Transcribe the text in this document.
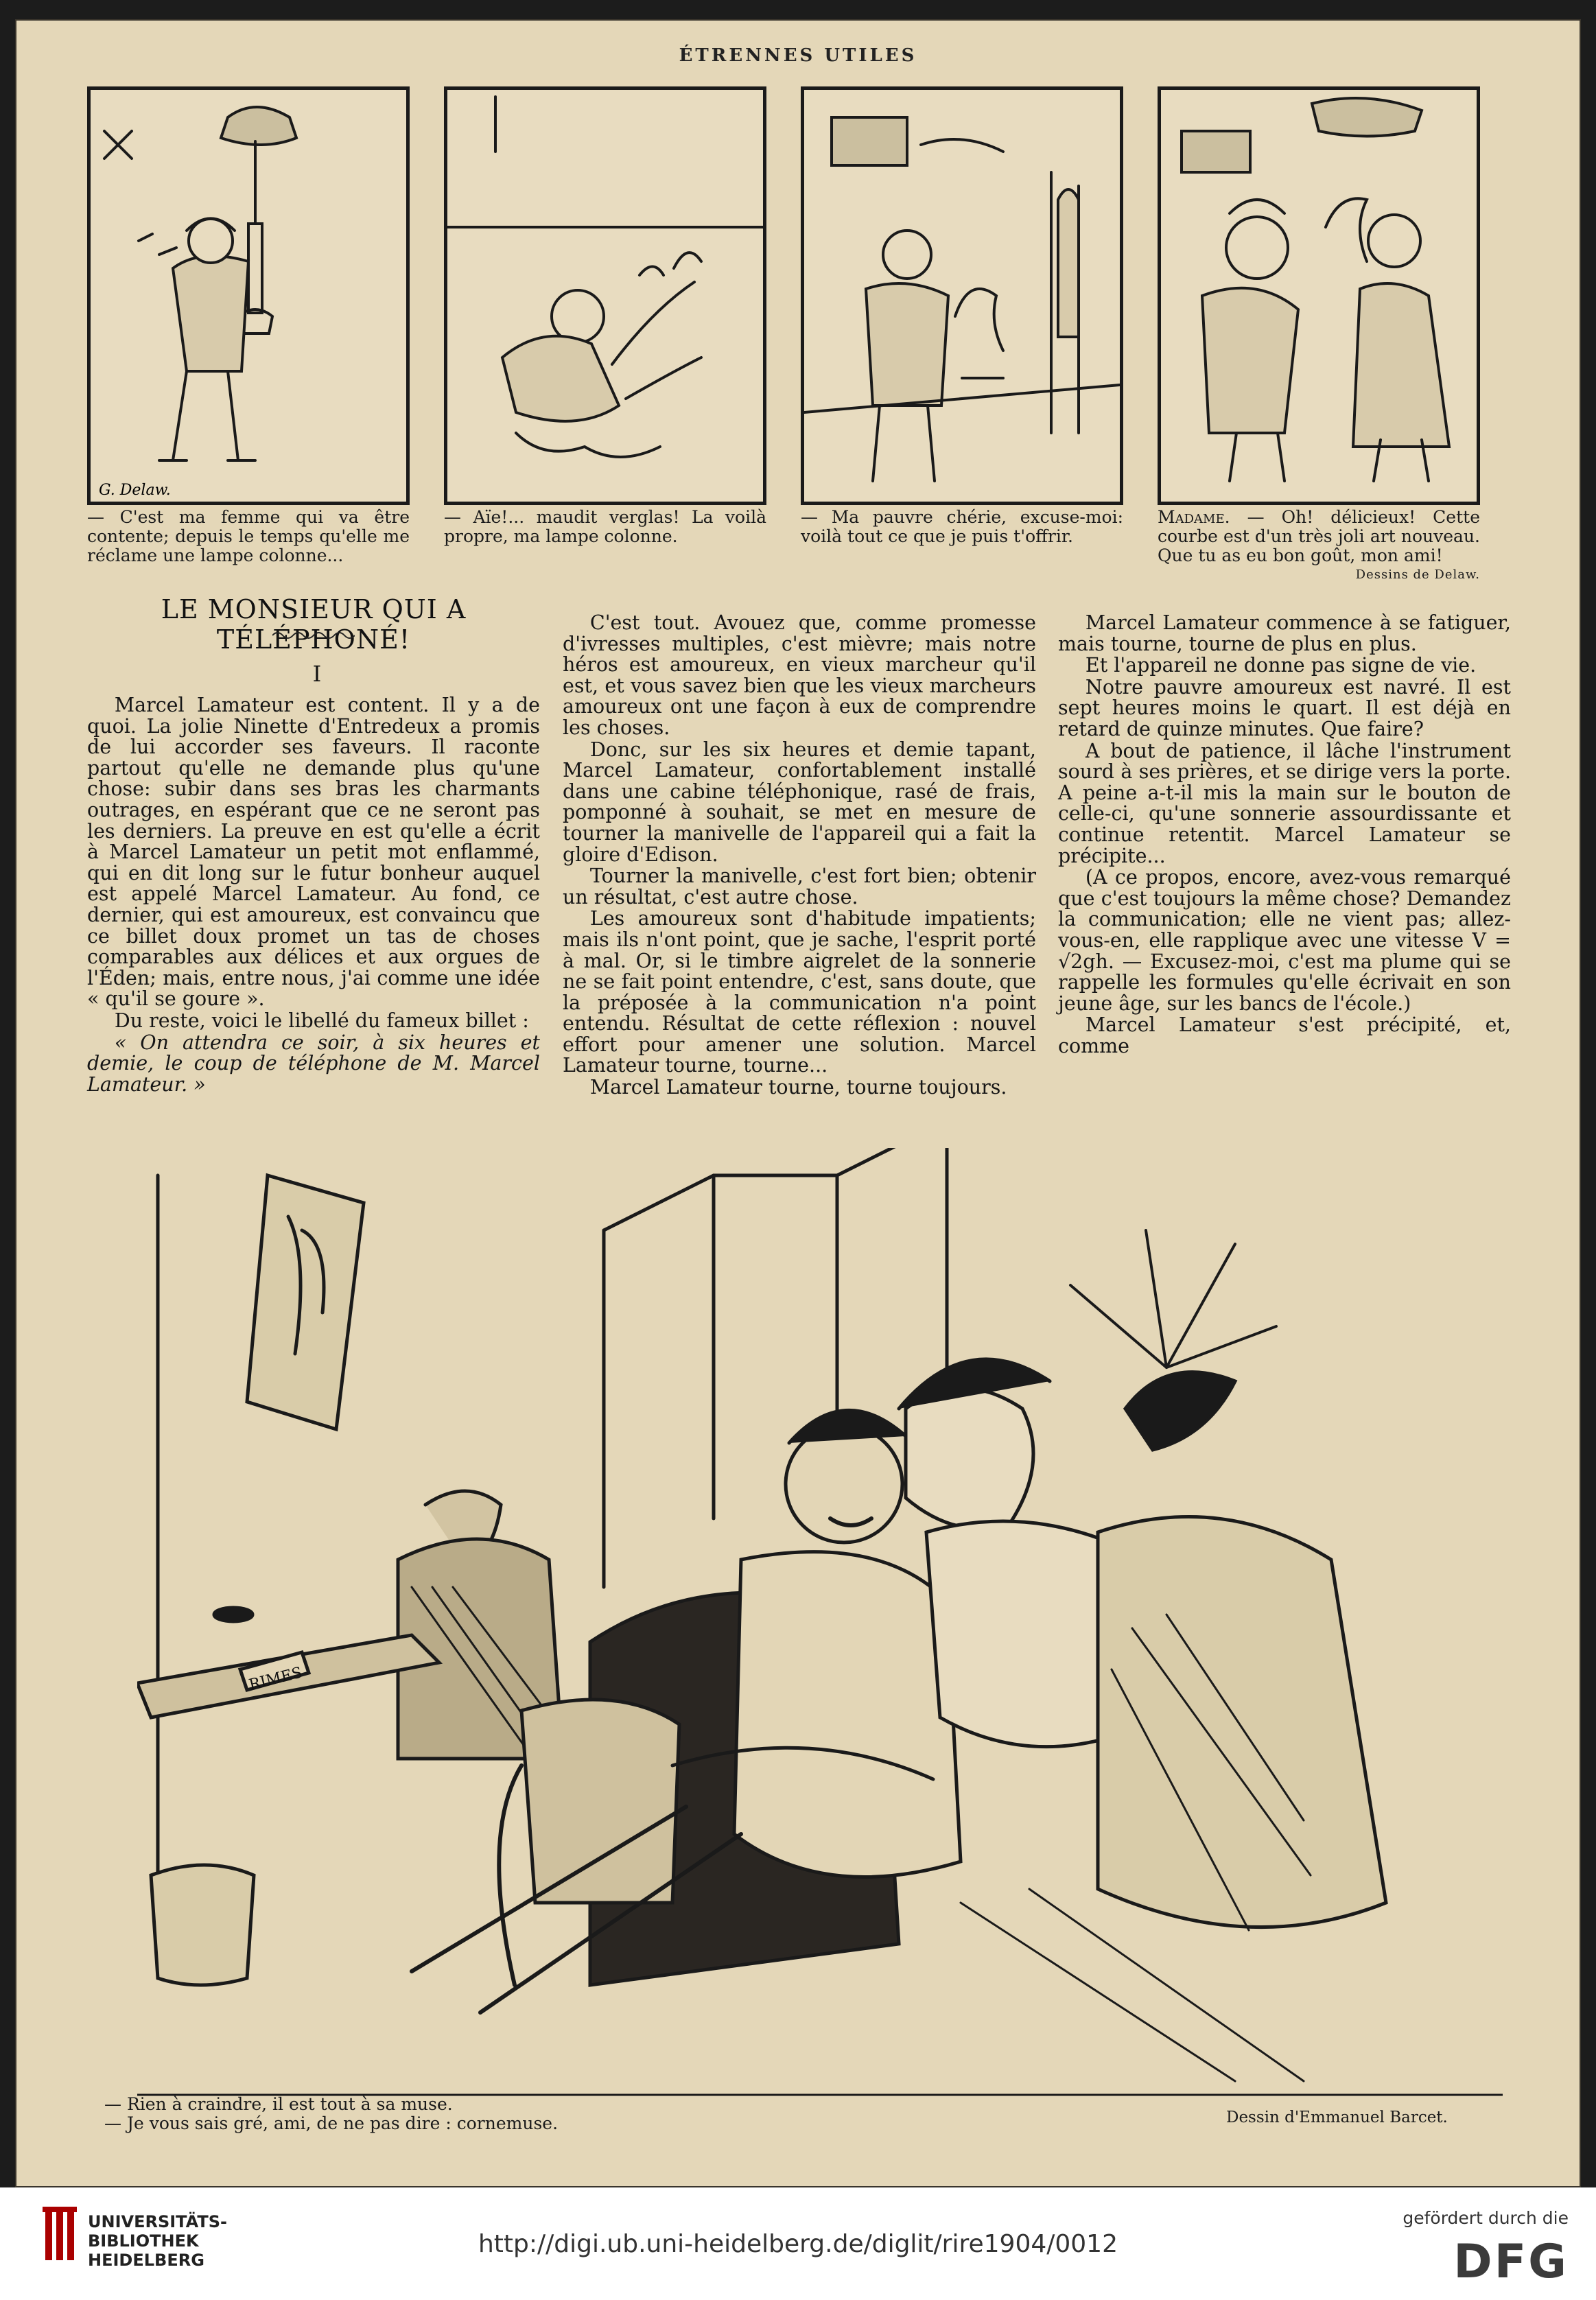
ÉTRENNES UTILES
G. Delaw.
— C'est ma femme qui va être contente; depuis le temps qu'elle me réclame une lampe colonne...
— Aïe!... maudit verglas! La voilà propre, ma lampe colonne.
— Ma pauvre chérie, excuse-moi: voilà tout ce que je puis t'offrir.
Madame. — Oh! délicieux! Cette courbe est d'un très joli art nouveau. Que tu as eu bon goût, mon ami!
Dessins de Delaw.
LE MONSIEUR QUI A TÉLÉPHONÉ!
I

Marcel Lamateur est content. Il y a de quoi. La jolie Ninette d'Entredeux a promis de lui accorder ses faveurs. Il raconte partout qu'elle ne demande plus qu'une chose: subir dans ses bras les charmants outrages, en espérant que ce ne seront pas les derniers. La preuve en est qu'elle a écrit à Marcel Lamateur un petit mot enflammé, qui en dit long sur le futur bonheur auquel est appelé Marcel Lamateur. Au fond, ce dernier, qui est amoureux, est convaincu que ce billet doux promet un tas de choses comparables aux délices et aux orgues de l'Éden; mais, entre nous, j'ai comme une idée « qu'il se goure ».

Du reste, voici le libellé du fameux billet :

« On attendra ce soir, à six heures et demie, le coup de téléphone de M. Marcel Lamateur. »

C'est tout. Avouez que, comme promesse d'ivresses multiples, c'est mièvre; mais notre héros est amoureux, en vieux marcheur qu'il est, et vous savez bien que les vieux marcheurs amoureux ont une façon à eux de comprendre les choses.

Donc, sur les six heures et demie tapant, Marcel Lamateur, confortablement installé dans une cabine téléphonique, rasé de frais, pomponné à souhait, se met en mesure de tourner la manivelle de l'appareil qui a fait la gloire d'Edison.

Tourner la manivelle, c'est fort bien; obtenir un résultat, c'est autre chose.

Les amoureux sont d'habitude impatients; mais ils n'ont point, que je sache, l'esprit porté à mal. Or, si le timbre aigrelet de la sonnerie ne se fait point entendre, c'est, sans doute, que la préposée à la communication n'a point entendu. Résultat de cette réflexion : nouvel effort pour amener une solution. Marcel Lamateur tourne, tourne...

Marcel Lamateur tourne, tourne toujours.

Marcel Lamateur commence à se fatiguer, mais tourne, tourne de plus en plus.

Et l'appareil ne donne pas signe de vie.

Notre pauvre amoureux est navré. Il est sept heures moins le quart. Il est déjà en retard de quinze minutes. Que faire?

A bout de patience, il lâche l'instrument sourd à ses prières, et se dirige vers la porte. A peine a-t-il mis la main sur le bouton de celle-ci, qu'une sonnerie assourdissante et continue retentit. Marcel Lamateur se précipite...

(A ce propos, encore, avez-vous remarqué que c'est toujours la même chose? Demandez la communication; elle ne vient pas; allez-vous-en, elle rapplique avec une vitesse V = √2gh. — Excusez-moi, c'est ma plume qui se rappelle les formules qu'elle écrivait en son jeune âge, sur les bancs de l'école.)

Marcel Lamateur s'est précipité, et, comme

RIMES
— Rien à craindre, il est tout à sa muse.
— Je vous sais gré, ami, de ne pas dire : cornemuse.	Dessin d'Emmanuel Barcet.
UNIVERSITÄTS-
BIBLIOTHEK
HEIDELBERG
http://digi.ub.uni-heidelberg.de/diglit/rire1904/0012
gefördert durch die
DFG
